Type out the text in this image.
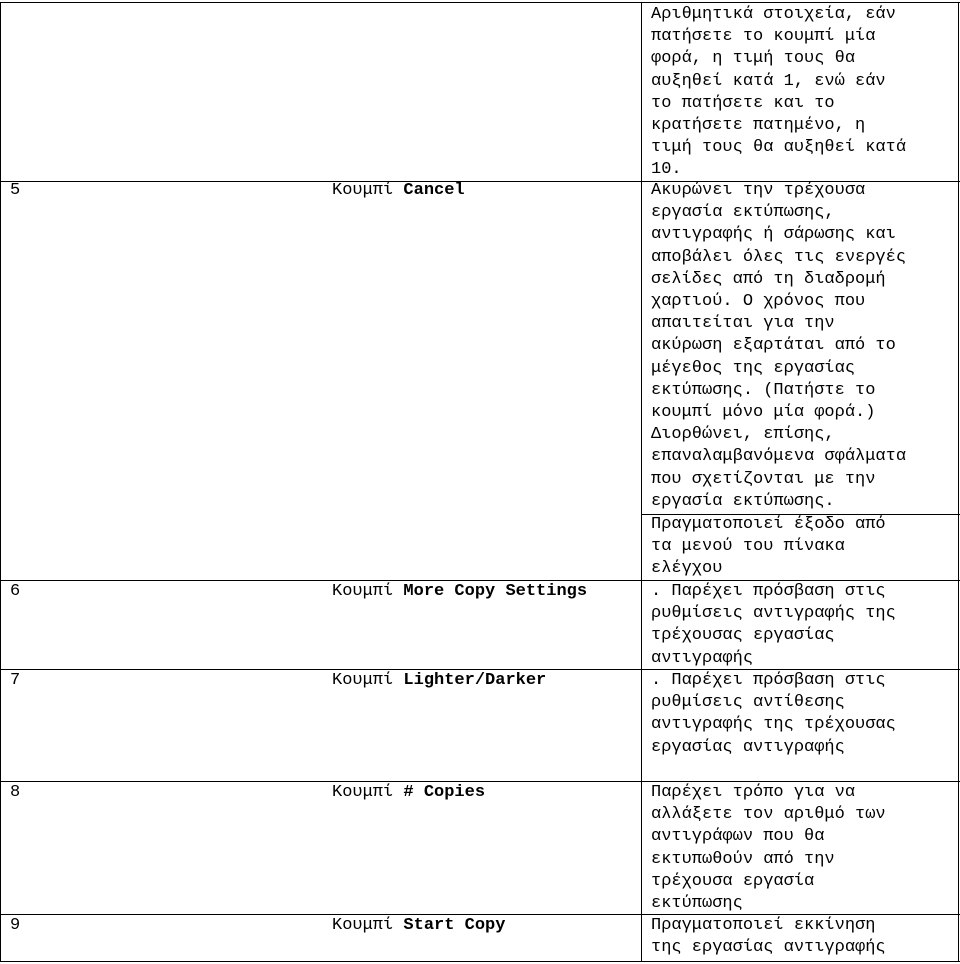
Αριθμητικά στοιχεία, εάν
πατήσετε το κουμπί μία
φορά, η τιμή τους θα
αυξηθεί κατά 1, ενώ εάν
το πατήσετε και το
κρατήσετε πατημένο, η
τιμή τους θα αυξηθεί κατά
10.
5	Κουμπί Cancel	Ακυρώνει την τρέχουσα
εργασία εκτύπωσης,
αντιγραφής ή σάρωσης και
αποβάλει όλες τις ενεργές
σελίδες από τη διαδρομή
χαρτιού. Ο χρόνος που
απαιτείται για την
ακύρωση εξαρτάται από το
μέγεθος της εργασίας
εκτύπωσης. (Πατήστε το
κουμπί μόνο μία φορά.)
Διορθώνει, επίσης,
επαναλαμβανόμενα σφάλματα
που σχετίζονται με την
εργασία εκτύπωσης.
Πραγματοποιεί έξοδο από
τα μενού του πίνακα
ελέγχου
6	Κουμπί More Copy Settings	. Παρέχει πρόσβαση στις
ρυθμίσεις αντιγραφής της
τρέχουσας εργασίας
αντιγραφής
7	Κουμπί Lighter/Darker	. Παρέχει πρόσβαση στις
ρυθμίσεις αντίθεσης
αντιγραφής της τρέχουσας
εργασίας αντιγραφής
8	Κουμπί # Copies	Παρέχει τρόπο για να
αλλάξετε τον αριθμό των
αντιγράφων που θα
εκτυπωθούν από την
τρέχουσα εργασία
εκτύπωσης
9	Κουμπί Start Copy	Πραγματοποιεί εκκίνηση
της εργασίας αντιγραφής
